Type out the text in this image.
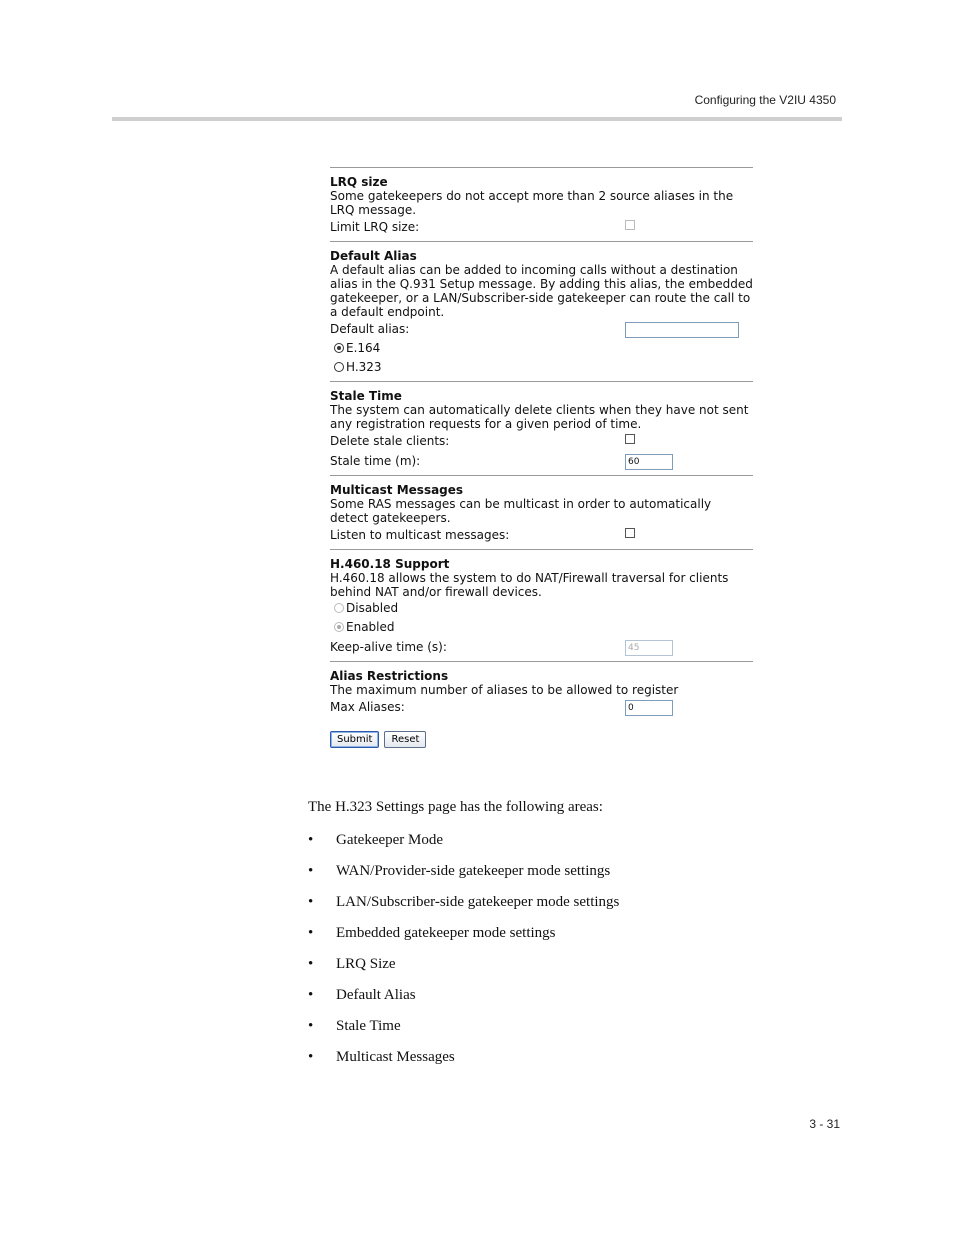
Configuring the V2IU 4350
LRQ size
Some gatekeepers do not accept more than 2 source aliases in the LRQ message.
Limit LRQ size:
Default Alias
A default alias can be added to incoming calls without a destination alias in the Q.931 Setup message. By adding this alias, the embedded gatekeeper, or a LAN/Subscriber-side gatekeeper can route the call to a default endpoint.
Default alias:
E.164
H.323
Stale Time
The system can automatically delete clients when they have not sent any registration requests for a given period of time.
Delete stale clients:
Stale time (m):	60
Multicast Messages
Some RAS messages can be multicast in order to automatically detect gatekeepers.
Listen to multicast messages:
H.460.18 Support
H.460.18 allows the system to do NAT/Firewall traversal for clients behind NAT and/or firewall devices.
Disabled
Enabled
Keep-alive time (s):	45
Alias Restrictions
The maximum number of aliases to be allowed to register
Max Aliases:	0
Submit	Reset
The H.323 Settings page has the following areas:
• Gatekeeper Mode
• WAN/Provider-side gatekeeper mode settings
• LAN/Subscriber-side gatekeeper mode settings
• Embedded gatekeeper mode settings
• LRQ Size
• Default Alias
• Stale Time
• Multicast Messages
3 - 31
